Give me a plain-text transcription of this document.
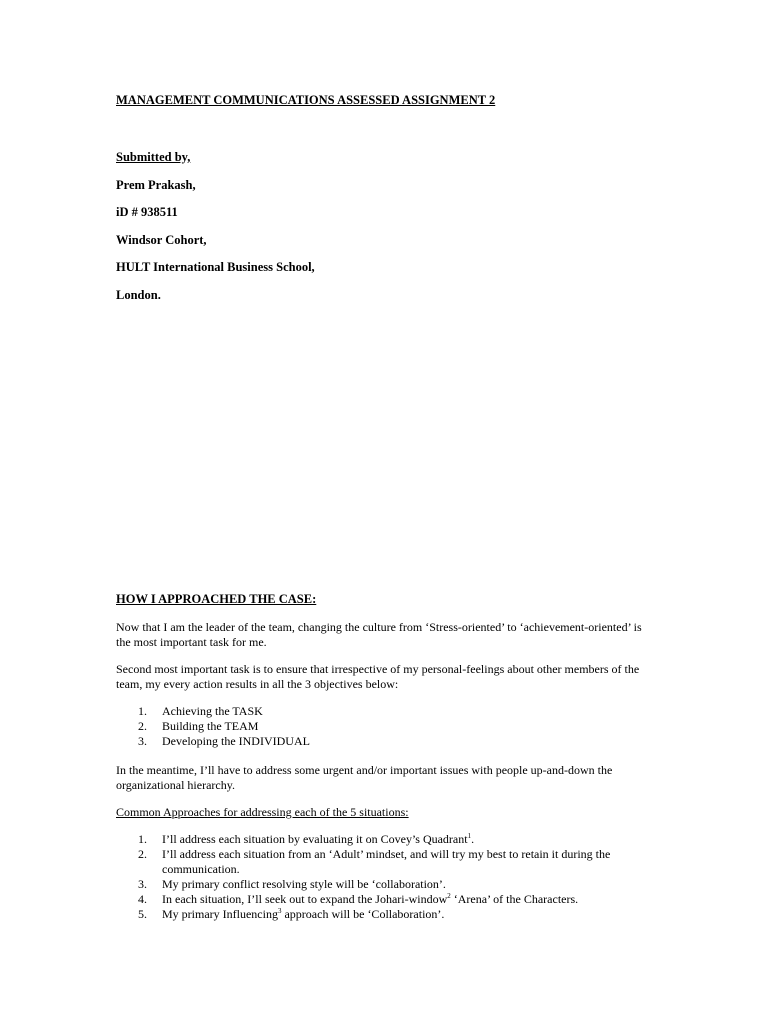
MANAGEMENT COMMUNICATIONS ASSESSED ASSIGNMENT 2
Submitted by,
Prem Prakash,
iD # 938511
Windsor Cohort,
HULT International Business School,
London.
HOW I APPROACHED THE CASE:
Now that I am the leader of the team, changing the culture from ‘Stress-oriented’ to ‘achievement-oriented’ is the most important task for me.
Second most important task is to ensure that irrespective of my personal-feelings about other members of the team, my every action results in all the 3 objectives below:
1. Achieving the TASK
2. Building the TEAM
3. Developing the INDIVIDUAL
In the meantime, I’ll have to address some urgent and/or important issues with people up-and-down the organizational hierarchy.
Common Approaches for addressing each of the 5 situations:
1. I’ll address each situation by evaluating it on Covey’s Quadrant$^1$.
2. I’ll address each situation from an ‘Adult’ mindset, and will try my best to retain it during the communication.
3. My primary conflict resolving style will be ‘collaboration’.
4. In each situation, I’ll seek out to expand the Johari-window$^2$ ‘Arena’ of the Characters.
5. My primary Influencing$^3$ approach will be ‘Collaboration’.
